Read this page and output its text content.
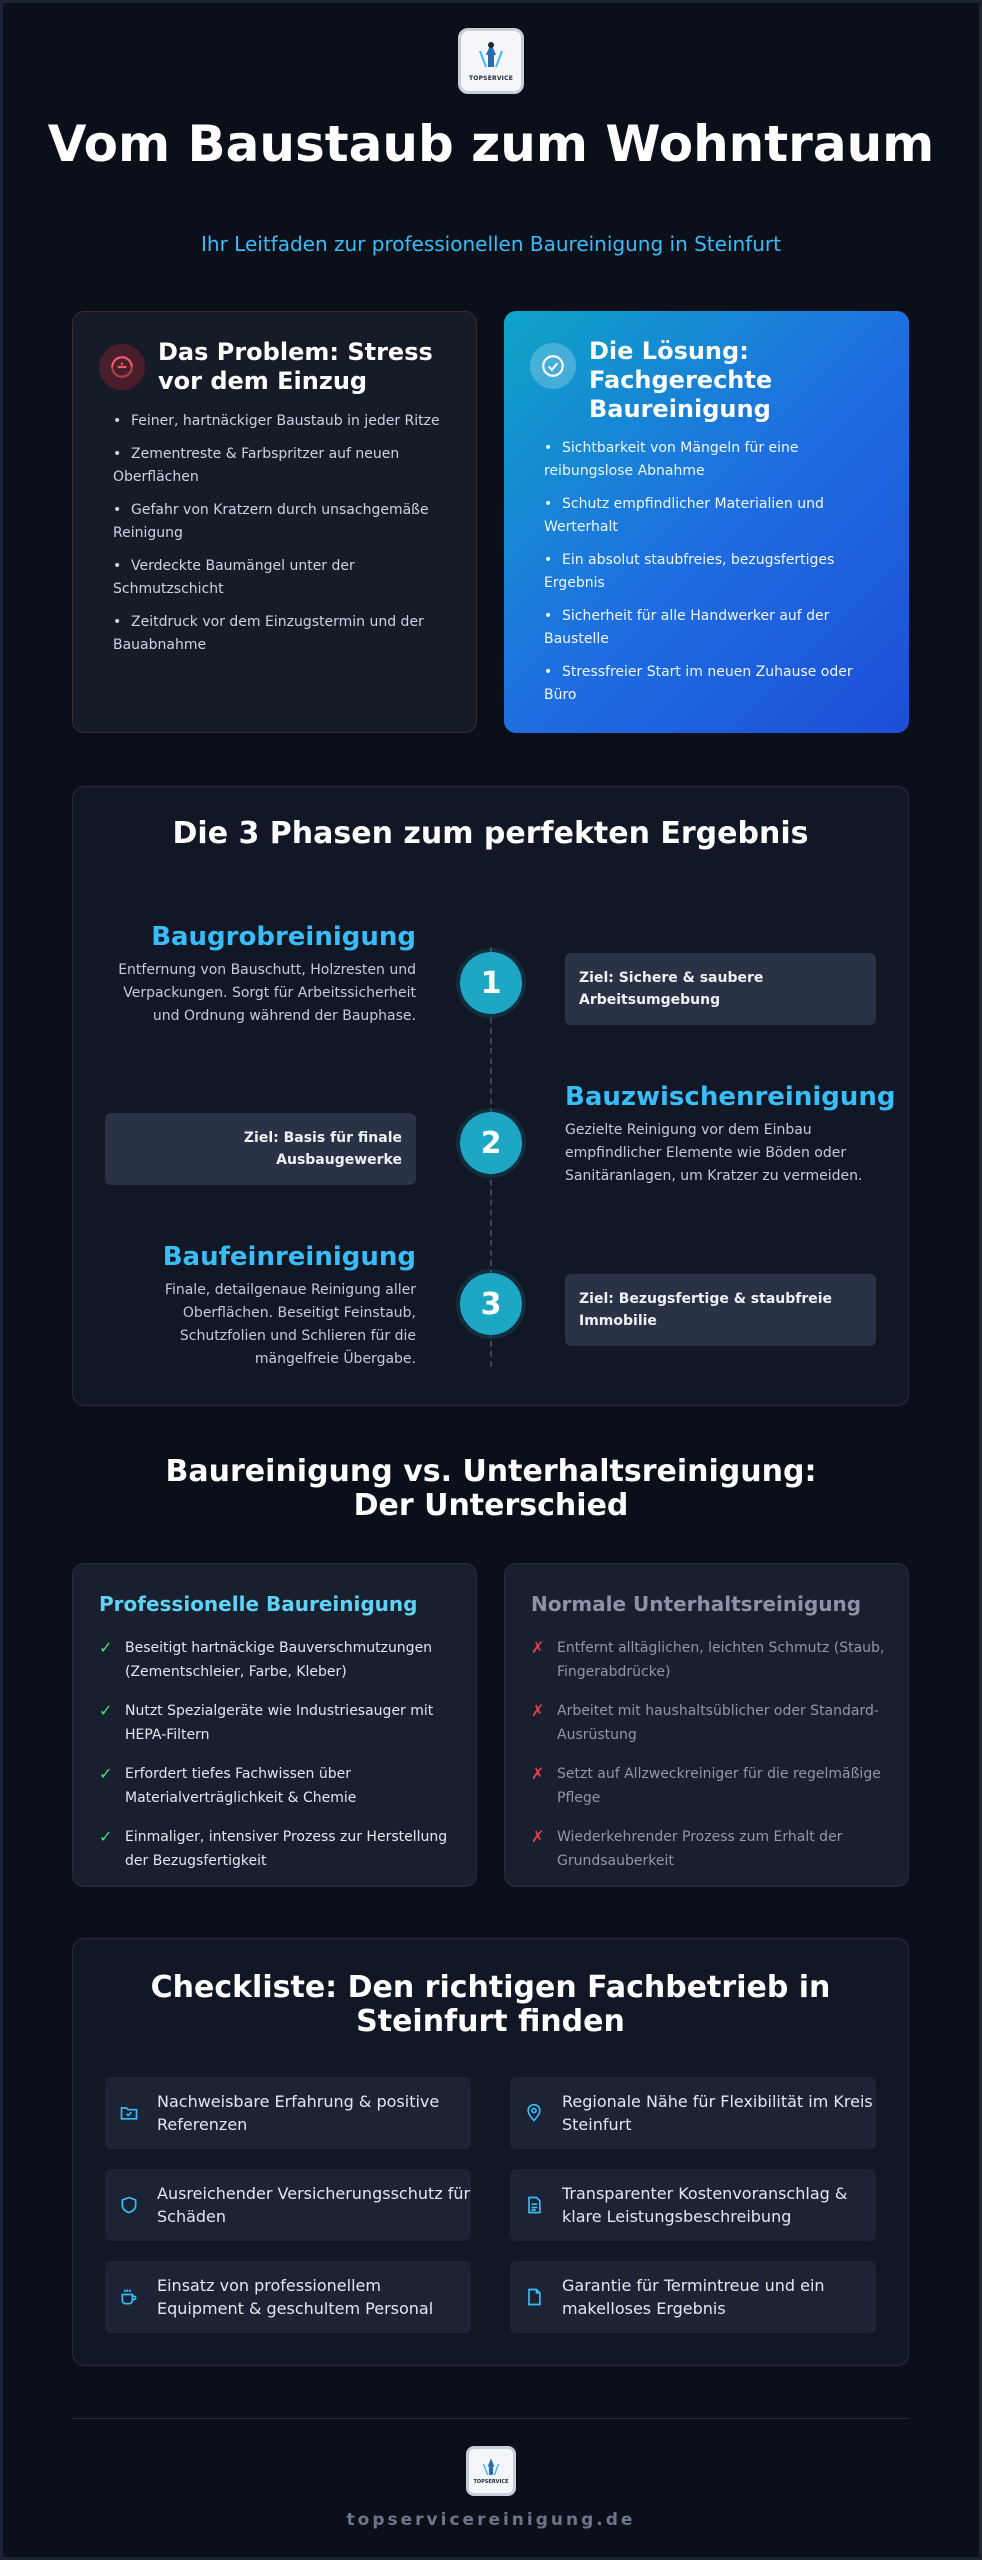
TOPSERVICE
Vom Baustaub zum Wohntraum
Ihr Leitfaden zur professionellen Baureinigung in Steinfurt
Das Problem: Stress vor dem Einzug
• Feiner, hartnäckiger Baustaub in jeder Ritze
• Zementreste & Farbspritzer auf neuen Oberflächen
• Gefahr von Kratzern durch unsachgemäße Reinigung
• Verdeckte Baumängel unter der Schmutzschicht
• Zeitdruck vor dem Einzugstermin und der Bauabnahme
Die Lösung: Fachgerechte Baureinigung
• Sichtbarkeit von Mängeln für eine reibungslose Abnahme
• Schutz empfindlicher Materialien und Werterhalt
• Ein absolut staubfreies, bezugsfertiges Ergebnis
• Sicherheit für alle Handwerker auf der Baustelle
• Stressfreier Start im neuen Zuhause oder Büro
Die 3 Phasen zum perfekten Ergebnis
Baugrobreinigung
Entfernung von Bauschutt, Holzresten und Verpackungen. Sorgt für Arbeitssicherheit und Ordnung während der Bauphase.
1	Ziel: Sichere & saubere Arbeitsumgebung
Ziel: Basis für finale Ausbaugewerke	2
Bauzwischenreinigung
Gezielte Reinigung vor dem Einbau empfindlicher Elemente wie Böden oder Sanitäranlagen, um Kratzer zu vermeiden.
Baufeinreinigung
Finale, detailgenaue Reinigung aller Oberflächen. Beseitigt Feinstaub, Schutzfolien und Schlieren für die mängelfreie Übergabe.
3	Ziel: Bezugsfertige & staubfreie Immobilie
Baureinigung vs. Unterhaltsreinigung: Der Unterschied
Professionelle Baureinigung
✓ Beseitigt hartnäckige Bauverschmutzungen (Zementschleier, Farbe, Kleber)
✓ Nutzt Spezialgeräte wie Industriesauger mit HEPA-Filtern
✓ Erfordert tiefes Fachwissen über Materialverträglichkeit & Chemie
✓ Einmaliger, intensiver Prozess zur Herstellung der Bezugsfertigkeit
Normale Unterhaltsreinigung
✗ Entfernt alltäglichen, leichten Schmutz (Staub, Fingerabdrücke)
✗ Arbeitet mit haushaltsüblicher oder Standard-Ausrüstung
✗ Setzt auf Allzweckreiniger für die regelmäßige Pflege
✗ Wiederkehrender Prozess zum Erhalt der Grundsauberkeit
Checkliste: Den richtigen Fachbetrieb in Steinfurt finden
Nachweisbare Erfahrung & positive Referenzen
Regionale Nähe für Flexibilität im Kreis Steinfurt
Ausreichender Versicherungsschutz für Schäden
Transparenter Kostenvoranschlag & klare Leistungsbeschreibung
Einsatz von professionellem Equipment & geschultem Personal
Garantie für Termintreue und ein makelloses Ergebnis
TOPSERVICE
topservicereinigung.de
